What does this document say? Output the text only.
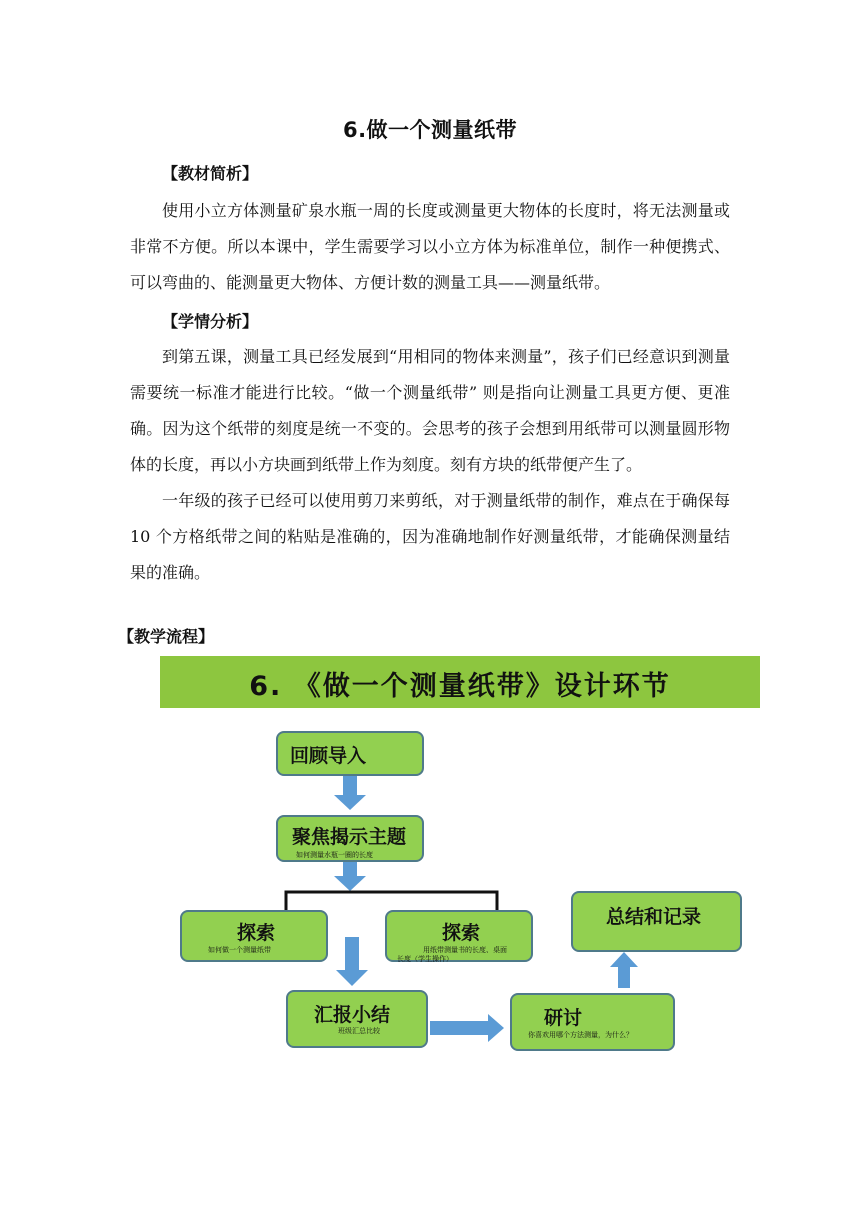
6.做一个测量纸带
【教材简析】

使用小立方体测量矿泉水瓶一周的长度或测量更大物体的长度时，将无法测量或非常不方便。所以本课中，学生需要学习以小立方体为标准单位，制作一种便携式、可以弯曲的、能测量更大物体、方便计数的测量工具——测量纸带。

【学情分析】

到第五课，测量工具已经发展到“用相同的物体来测量”，孩子们已经意识到测量需要统一标准才能进行比较。“做一个测量纸带” 则是指向让测量工具更方便、更准确。因为这个纸带的刻度是统一不变的。会思考的孩子会想到用纸带可以测量圆形物体的长度，再以小方块画到纸带上作为刻度。刻有方块的纸带便产生了。

一年级的孩子已经可以使用剪刀来剪纸，对于测量纸带的制作，难点在于确保每 10 个方格纸带之间的粘贴是准确的，因为准确地制作好测量纸带，才能确保测量结果的准确。

【教学流程】
6. 《做一个测量纸带》设计环节
回顾导入
聚焦揭示主题
如何测量水瓶一圈的长度
探索
如何做一个测量纸带
探索
用纸带测量书的长度、桌面
长度（学生操作）
汇报小结
班级汇总比较
研讨
你喜欢用哪个方法测量，为什么？
总结和记录
